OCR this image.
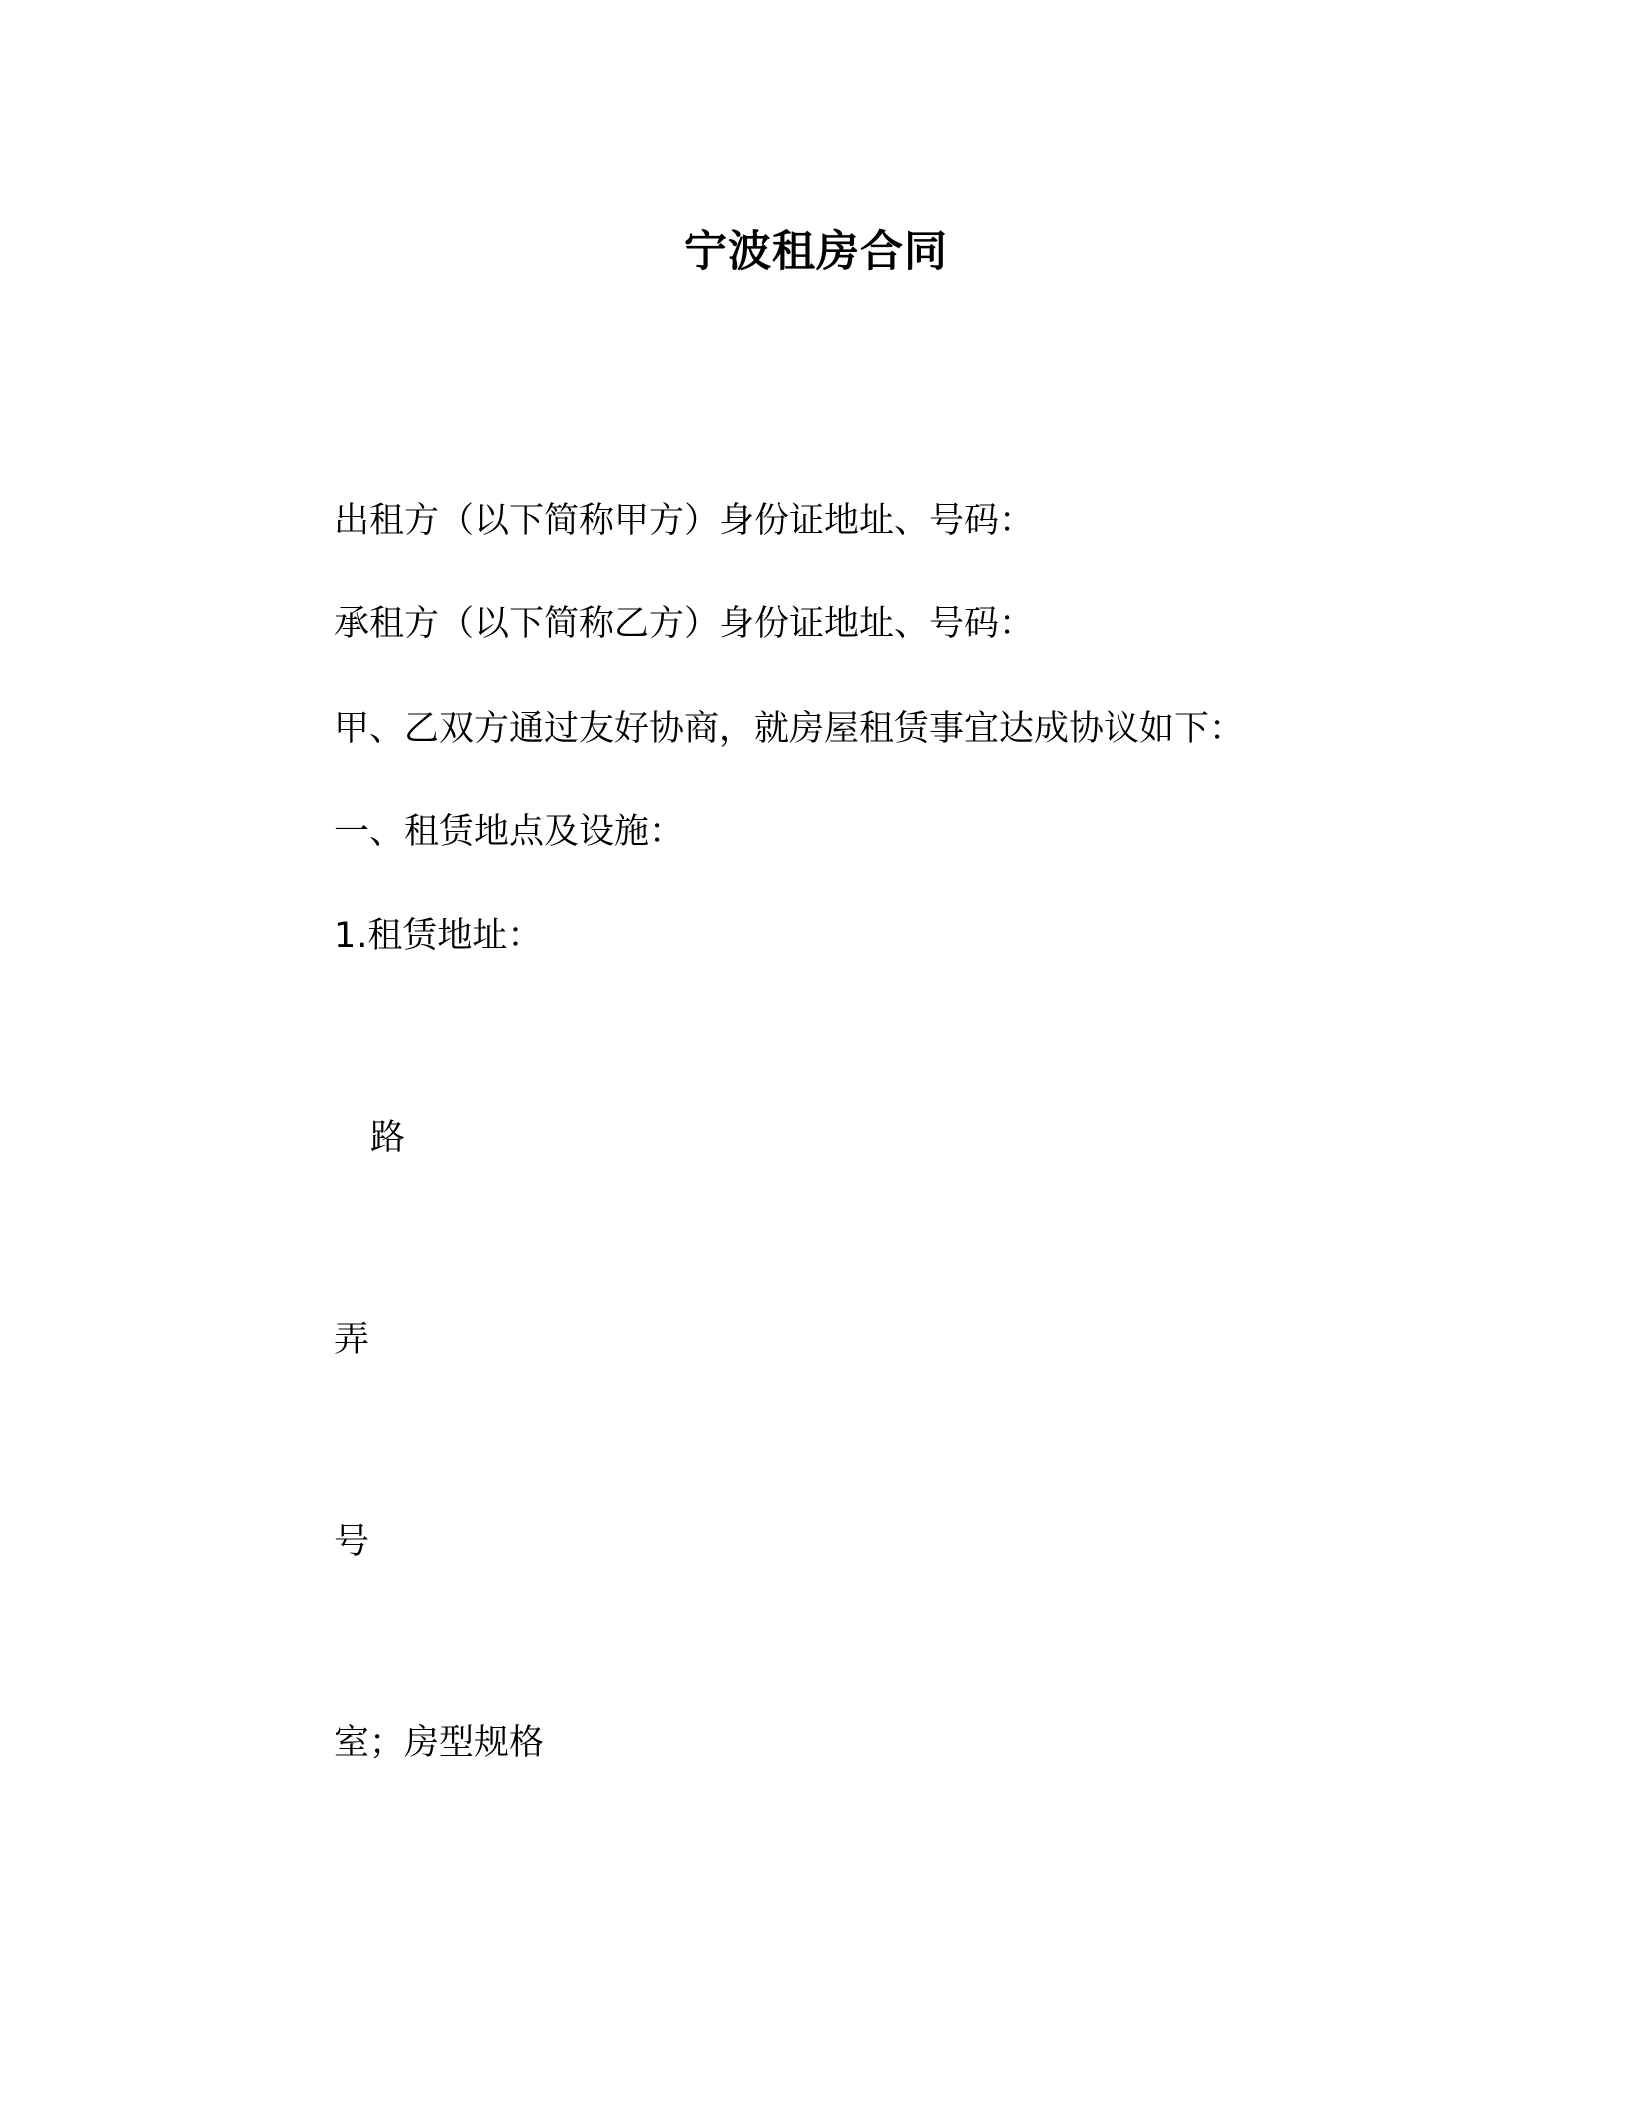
宁波租房合同
出租方（以下简称甲方）身份证地址、号码：
承租方（以下简称乙方）身份证地址、号码：
甲、乙双方通过友好协商，就房屋租赁事宜达成协议如下：
一、租赁地点及设施：
1.租赁地址：
路
弄
号
室；房型规格
